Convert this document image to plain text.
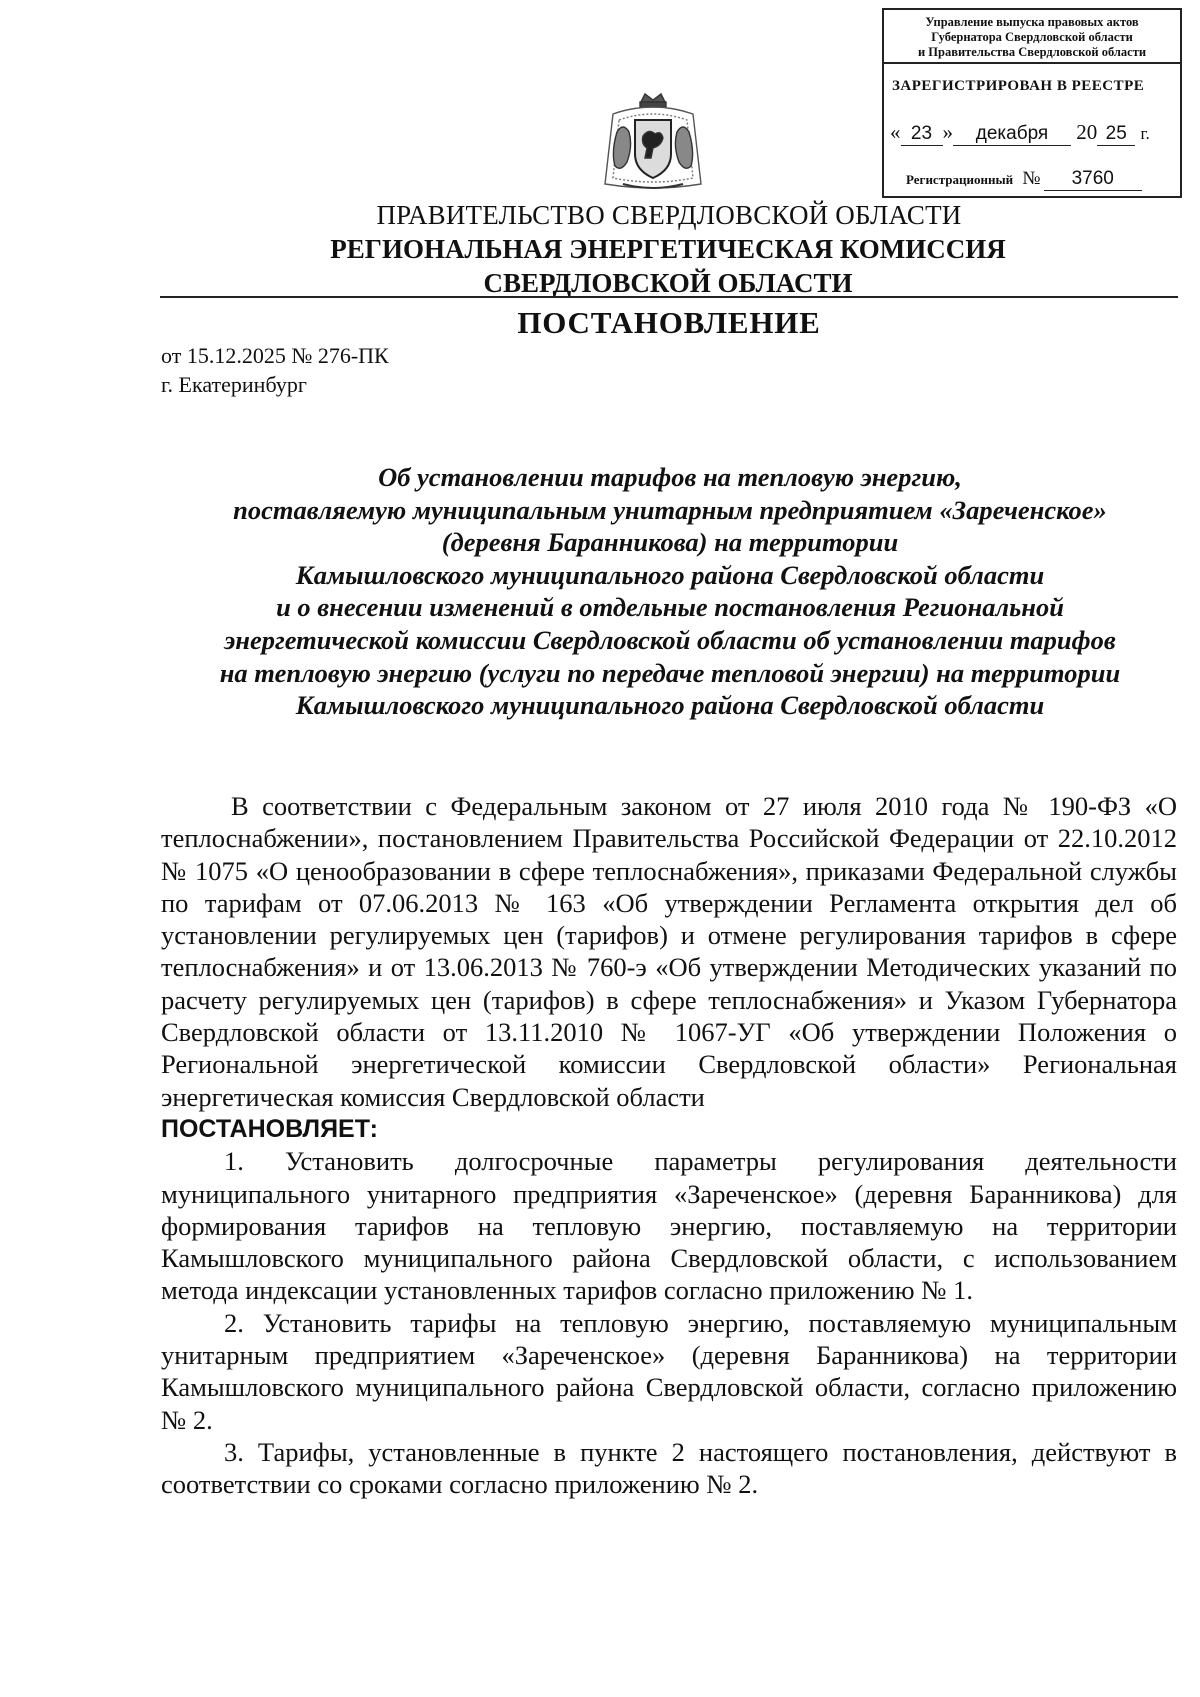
Управление выпуска правовых актов
Губернатора Свердловской области
и Правительства Свердловской области
ЗАРЕГИСТРИРОВАН В РЕЕСТРЕ
« 23 » декабря 20 25 г.
Регистрационный № 3760
ПРАВИТЕЛЬСТВО СВЕРДЛОВСКОЙ ОБЛАСТИ
РЕГИОНАЛЬНАЯ ЭНЕРГЕТИЧЕСКАЯ КОМИССИЯ
СВЕРДЛОВСКОЙ ОБЛАСТИ
ПОСТАНОВЛЕНИЕ
от 15.12.2025 № 276-ПК
г. Екатеринбург
Об установлении тарифов на тепловую энергию,
поставляемую муниципальным унитарным предприятием «Зареченское»
(деревня Баранникова) на территории
Камышловского муниципального района Свердловской области
и о внесении изменений в отдельные постановления Региональной
энергетической комиссии Свердловской области об установлении тарифов
на тепловую энергию (услуги по передаче тепловой энергии) на территории
Камышловского муниципального района Свердловской области

В соответствии с Федеральным законом от 27 июля 2010 года № 190-ФЗ «О теплоснабжении», постановлением Правительства Российской Федерации от 22.10.2012 № 1075 «О ценообразовании в сфере теплоснабжения», приказами Федеральной службы по тарифам от 07.06.2013 № 163 «Об утверждении Регламента открытия дел об установлении регулируемых цен (тарифов) и отмене регулирования тарифов в сфере теплоснабжения» и от 13.06.2013 № 760-э «Об утверждении Методических указаний по расчету регулируемых цен (тарифов) в сфере теплоснабжения» и Указом Губернатора Свердловской области от 13.11.2010 № 1067-УГ «Об утверждении Положения о Региональной энергетической комиссии Свердловской области» Региональная энергетическая комиссия Свердловской области

ПОСТАНОВЛЯЕТ:

1. Установить долгосрочные параметры регулирования деятельности муниципального унитарного предприятия «Зареченское» (деревня Баранникова) для формирования тарифов на тепловую энергию, поставляемую на территории Камышловского муниципального района Свердловской области, с использованием метода индексации установленных тарифов согласно приложению № 1.

2. Установить тарифы на тепловую энергию, поставляемую муниципальным унитарным предприятием «Зареченское» (деревня Баранникова) на территории Камышловского муниципального района Свердловской области, согласно приложению № 2.

3. Тарифы, установленные в пункте 2 настоящего постановления, действуют в соответствии со сроками согласно приложению № 2.
